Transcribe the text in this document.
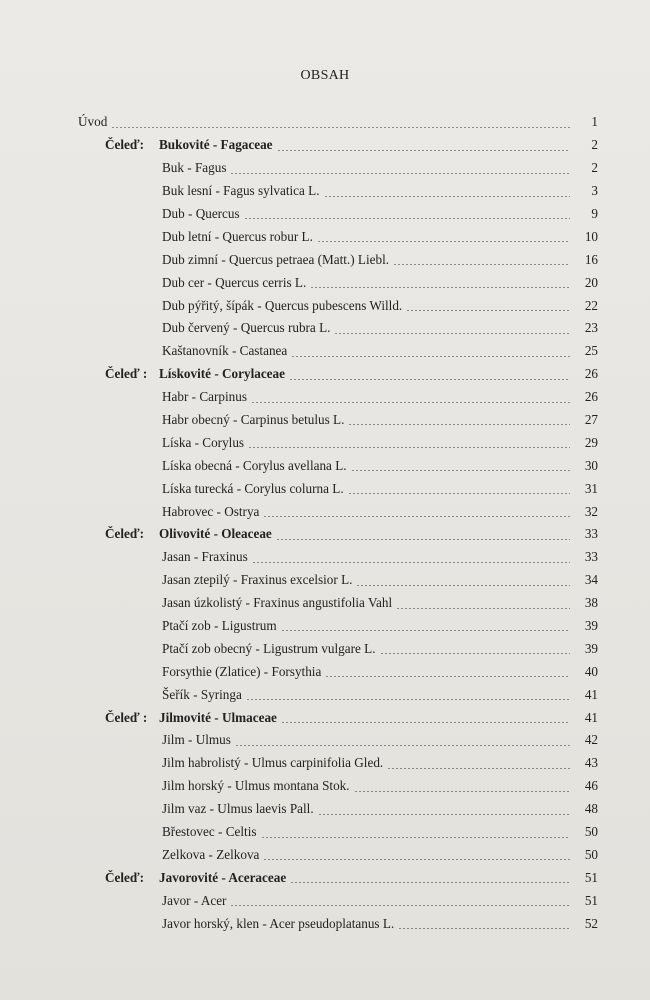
OBSAH
Úvod	1
Čeleď:	Bukovité - Fagaceae	2
Buk - Fagus	2
Buk lesní - Fagus sylvatica L.	3
Dub - Quercus	9
Dub letní - Quercus robur L.	10
Dub zimní - Quercus petraea (Matt.) Liebl.	16
Dub cer - Quercus cerris L.	20
Dub pýřitý, šípák - Quercus pubescens Willd.	22
Dub červený - Quercus rubra L.	23
Kaštanovník - Castanea	25
Čeleď : Lískovité - Corylaceae	26
Habr - Carpinus	26
Habr obecný - Carpinus betulus L.	27
Líska - Corylus	29
Líska obecná - Corylus avellana L.	30
Líska turecká - Corylus colurna L.	31
Habrovec - Ostrya	32
Čeleď:	Olivovité - Oleaceae	33
Jasan - Fraxinus	33
Jasan ztepilý - Fraxinus excelsior L.	34
Jasan úzkolistý - Fraxinus angustifolia Vahl	38
Ptačí zob - Ligustrum	39
Ptačí zob obecný - Ligustrum vulgare L.	39
Forsythie (Zlatice) - Forsythia	40
Šeřík - Syringa	41
Čeleď : Jilmovité - Ulmaceae	41
Jilm - Ulmus	42
Jilm habrolistý - Ulmus carpinifolia Gled.	43
Jilm horský - Ulmus montana Stok.	46
Jilm vaz - Ulmus laevis Pall.	48
Břestovec - Celtis	50
Zelkova - Zelkova	50
Čeleď:	Javorovité - Aceraceae	51
Javor - Acer	51
Javor horský, klen - Acer pseudoplatanus L.	52
